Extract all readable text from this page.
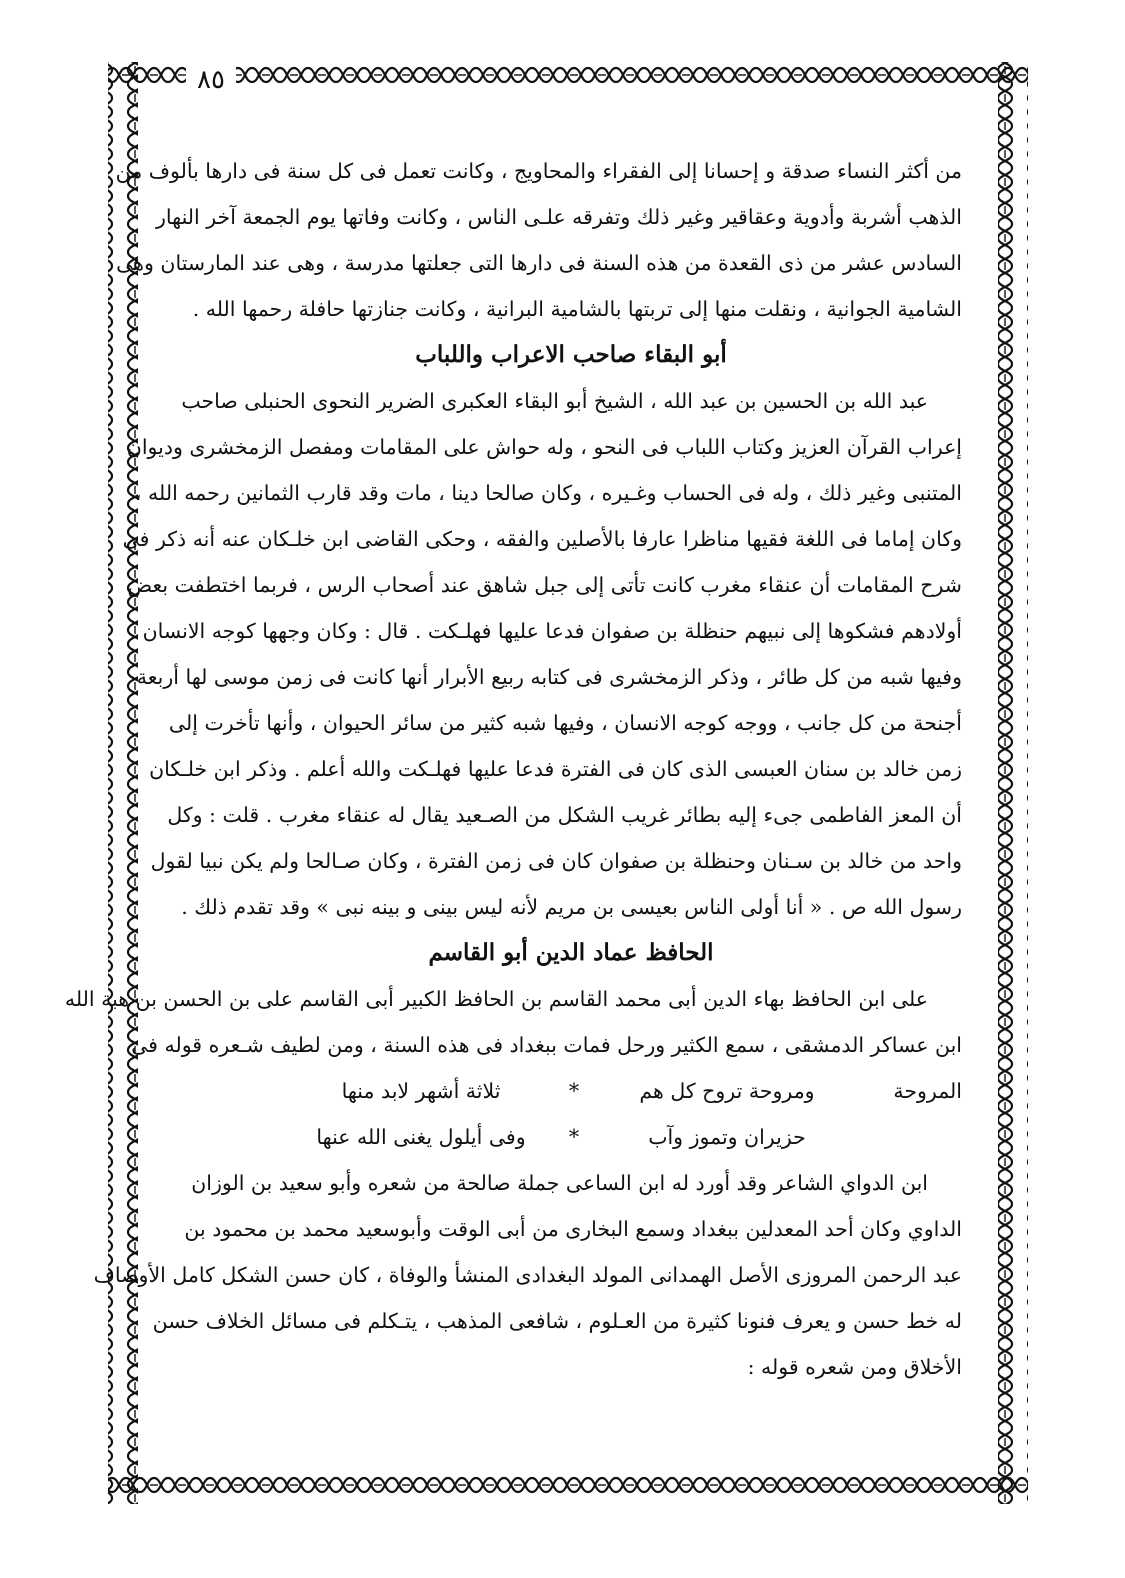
٨٥

من أكثر النساء صدقة و إحسانا إلى الفقراء والمحاويج ، وكانت تعمل فى كل سنة فى دارها بألوف من

الذهب أشربة وأدوية وعقاقير وغير ذلك وتفرقه علـى الناس ، وكانت وفاتها يوم الجمعة آخر النهار

السادس عشر من ذى القعدة من هذه السنة فى دارها التى جعلتها مدرسة ، وهى عند المارستان وهى

الشامية الجوانية ، ونقلت منها إلى تربتها بالشامية البرانية ، وكانت جنازتها حافلة رحمها الله .

أبو البقاء صاحب الاعراب واللباب

عبد الله بن الحسين بن عبد الله ، الشيخ أبو البقاء العكبرى الضرير النحوى الحنبلى صاحب

إعراب القرآن العزيز وكتاب اللباب فى النحو ، وله حواش على المقامات ومفصل الزمخشرى وديوان

المتنبى وغير ذلك ، وله فى الحساب وغـيره ، وكان صالحا دينا ، مات وقد قارب الثمانين رحمه الله ،

وكان إماما فى اللغة فقيها مناظرا عارفا بالأصلين والفقه ، وحكى القاضى ابن خلـكان عنه أنه ذكر فى

شرح المقامات أن عنقاء مغرب كانت تأتى إلى جبل شاهق عند أصحاب الرس ، فربما اختطفت بعض

أولادهم فشكوها إلى نبيهم حنظلة بن صفوان فدعا عليها فهلـكت . قال : وكان وجهها كوجه الانسان

وفيها شبه من كل طائر ، وذكر الزمخشرى فى كتابه ربيع الأبرار أنها كانت فى زمن موسى لها أربعة

أجنحة من كل جانب ، ووجه كوجه الانسان ، وفيها شبه كثير من سائر الحيوان ، وأنها تأخرت إلى

زمن خالد بن سنان العبسى الذى كان فى الفترة فدعا عليها فهلـكت والله أعلم . وذكر ابن خلـكان

أن المعز الفاطمى جىء إليه بطائر غريب الشكل من الصـعيد يقال له عنقاء مغرب . قلت : وكل

واحد من خالد بن سـنان وحنظلة بن صفوان كان فى زمن الفترة ، وكان صـالحا ولم يكن نبيا لقول

رسول الله ص . « أنا أولى الناس بعيسى بن مريم لأنه ليس بينى و بينه نبى » وقد تقدم ذلك .

الحافظ عماد الدين أبو القاسم

على ابن الحافظ بهاء الدين أبى محمد القاسم بن الحافظ الكبير أبى القاسم على بن الحسن بن هبة الله

ابن عساكر الدمشقى ، سمع الكثير ورحل فمات ببغداد فى هذه السنة ، ومن لطيف شـعره قوله فى

المروحة
ومروحة تروح كل هم
*
ثلاثة أشهر لابد منها
حزيران وتموز وآب
*
وفى أيلول يغنى الله عنها

ابن الدواي الشاعر وقد أورد له ابن الساعى جملة صالحة من شعره وأبو سعيد بن الوزان

الداوي وكان أحد المعدلين ببغداد وسمع البخارى من أبى الوقت وأبوسعيد محمد بن محمود بن

عبد الرحمن المروزى الأصل الهمدانى المولد البغدادى المنشأ والوفاة ، كان حسن الشكل كامل الأوصاف

له خط حسن و يعرف فنونا كثيرة من العـلوم ، شافعى المذهب ، يتـكلم فى مسائل الخلاف حسن

الأخلاق ومن شعره قوله :
